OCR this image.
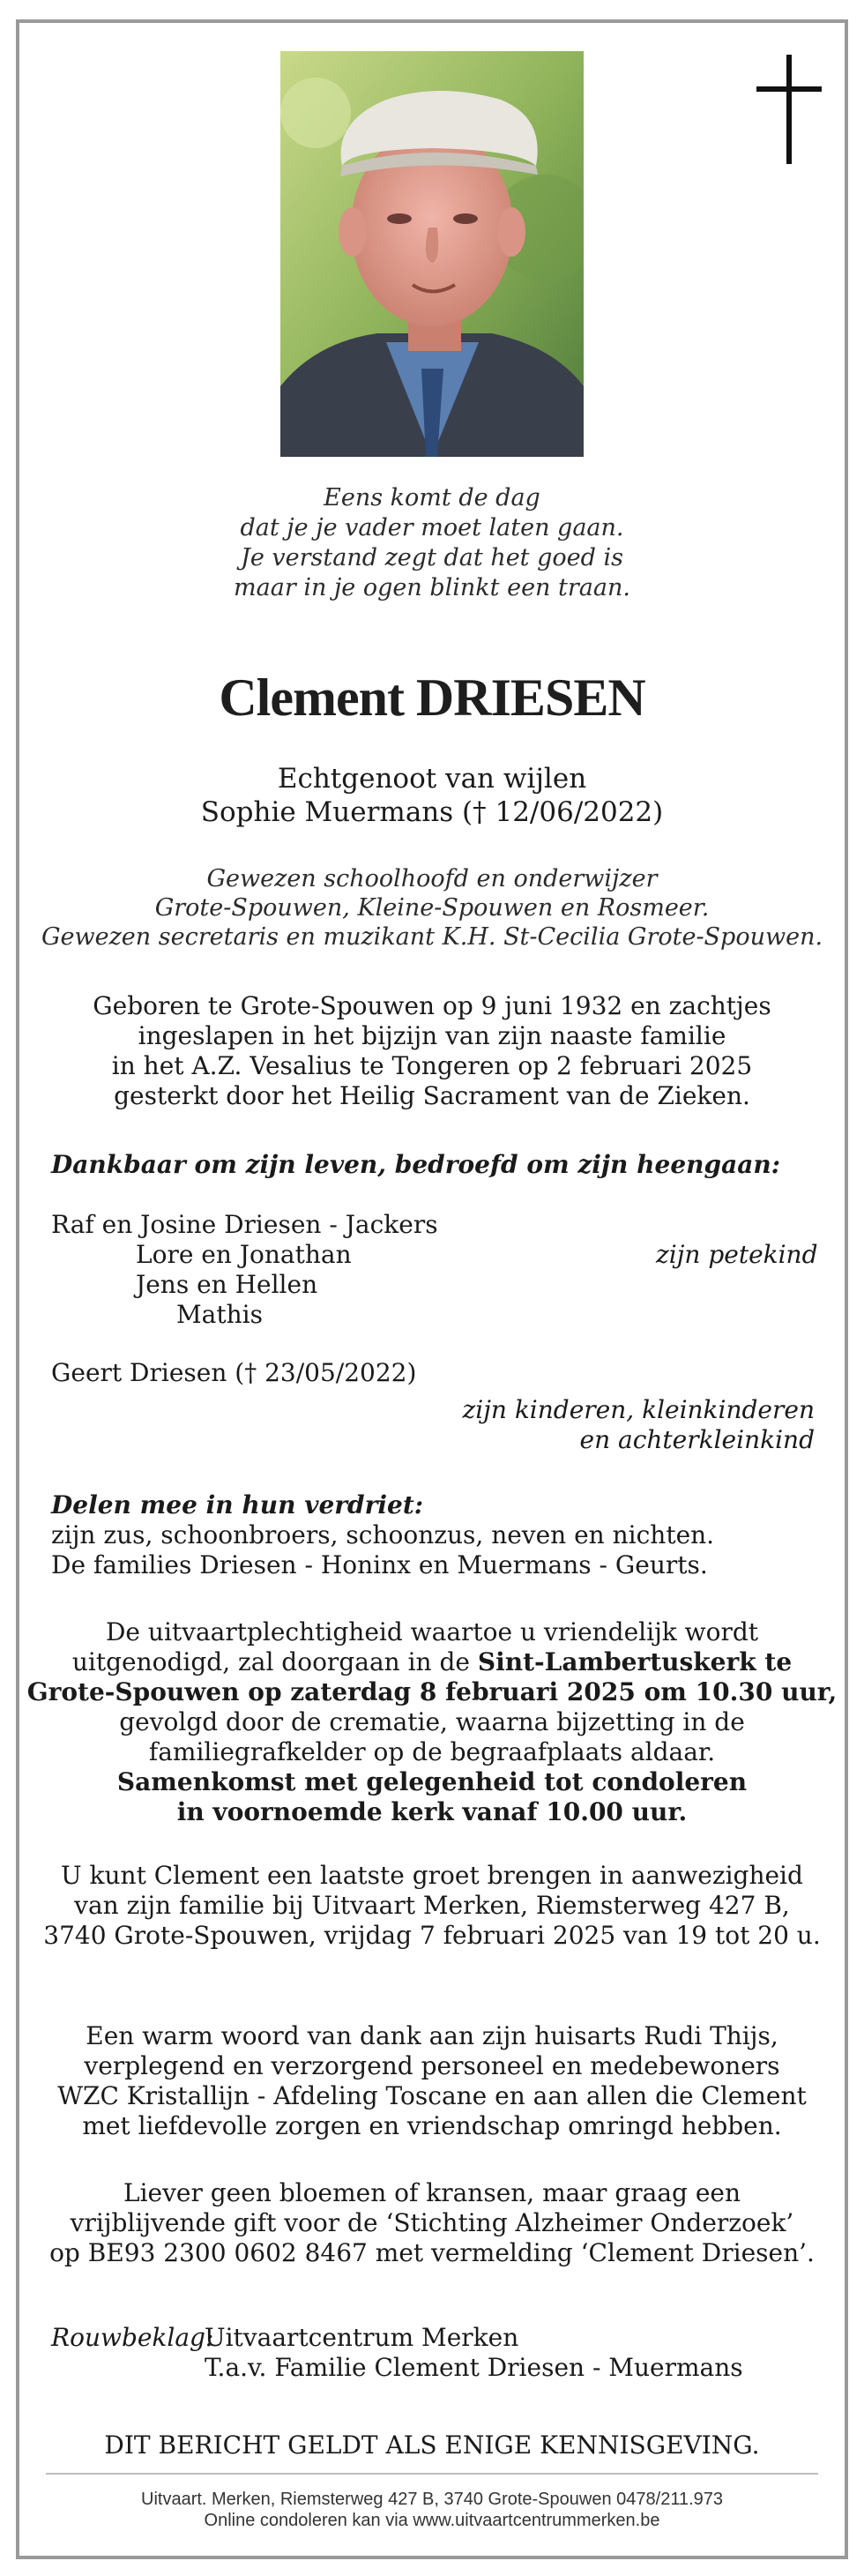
Eens komt de dag
dat je je vader moet laten gaan.
Je verstand zegt dat het goed is
maar in je ogen blinkt een traan.
Clement DRIESEN
Echtgenoot van wijlen
Sophie Muermans († 12/06/2022)
Gewezen schoolhoofd en onderwijzer
Grote-Spouwen, Kleine-Spouwen en Rosmeer.
Gewezen secretaris en muzikant K.H. St-Cecilia Grote-Spouwen.
Geboren te Grote-Spouwen op 9 juni 1932 en zachtjes
ingeslapen in het bijzijn van zijn naaste familie
in het A.Z. Vesalius te Tongeren op 2 februari 2025
gesterkt door het Heilig Sacrament van de Zieken.
Dankbaar om zijn leven, bedroefd om zijn heengaan:
Raf en Josine Driesen - Jackers
Lore en Jonathan	zijn petekind
Jens en Hellen
Mathis
Geert Driesen († 23/05/2022)
zijn kinderen, kleinkinderen
en achterkleinkind
Delen mee in hun verdriet:
zijn zus, schoonbroers, schoonzus, neven en nichten.
De families Driesen - Honinx en Muermans - Geurts.
De uitvaartplechtigheid waartoe u vriendelijk wordt
uitgenodigd, zal doorgaan in de Sint-Lambertuskerk te
Grote-Spouwen op zaterdag 8 februari 2025 om 10.30 uur,
gevolgd door de crematie, waarna bijzetting in de
familiegrafkelder op de begraafplaats aldaar.
Samenkomst met gelegenheid tot condoleren
in voornoemde kerk vanaf 10.00 uur.
U kunt Clement een laatste groet brengen in aanwezigheid
van zijn familie bij Uitvaart Merken, Riemsterweg 427 B,
3740 Grote-Spouwen, vrijdag 7 februari 2025 van 19 tot 20 u.
Een warm woord van dank aan zijn huisarts Rudi Thijs,
verplegend en verzorgend personeel en medebewoners
WZC Kristallijn - Afdeling Toscane en aan allen die Clement
met liefdevolle zorgen en vriendschap omringd hebben.
Liever geen bloemen of kransen, maar graag een
vrijblijvende gift voor de ‘Stichting Alzheimer Onderzoek’
op BE93 2300 0602 8467 met vermelding ‘Clement Driesen’.
Rouwbeklag:
Uitvaartcentrum Merken
T.a.v. Familie Clement Driesen - Muermans
DIT BERICHT GELDT ALS ENIGE KENNISGEVING.
Uitvaart. Merken, Riemsterweg 427 B, 3740 Grote-Spouwen 0478/211.973
Online condoleren kan via www.uitvaartcentrummerken.be
